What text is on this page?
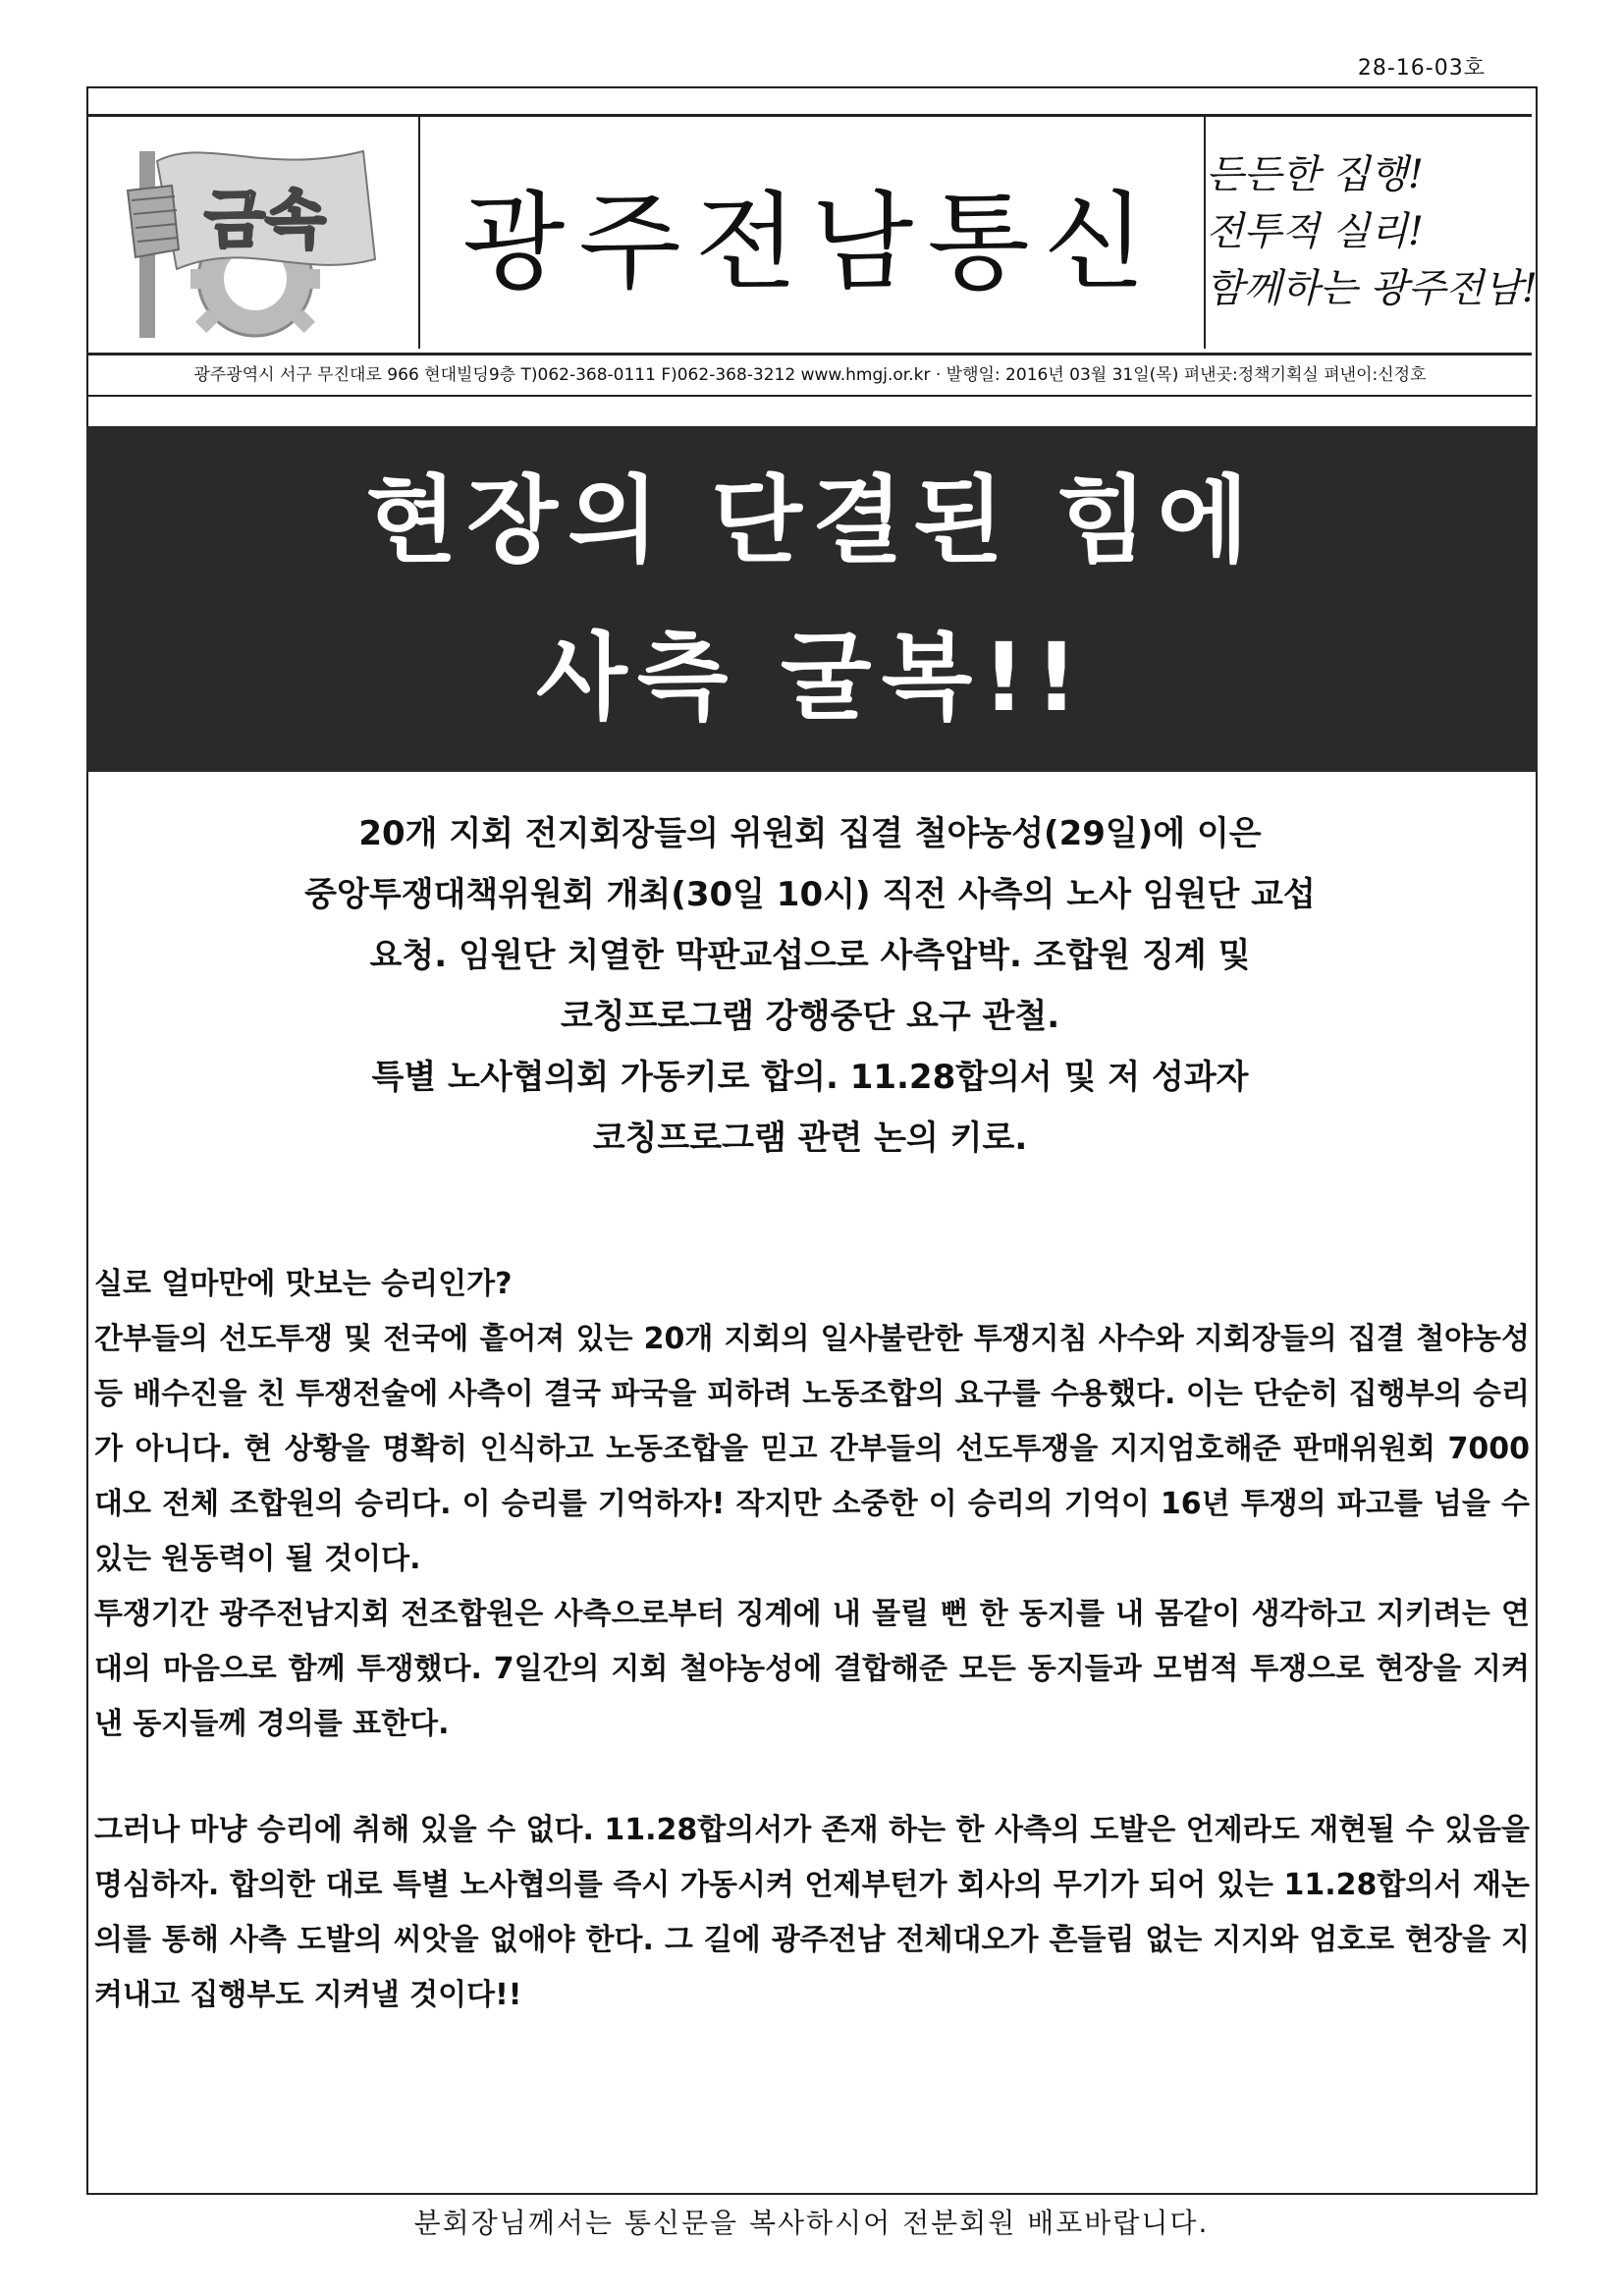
28-16-03호
금속 광주전남통신
든든한 집행!
전투적 실리!
함께하는 광주전남!
광주광역시 서구 무진대로 966 현대빌딩9층 T)062-368-0111 F)062-368-3212 www.hmgj.or.kr · 발행일: 2016년 03월 31일(목) 펴낸곳:정책기획실 펴낸이:신정호
현장의 단결된 힘에
사측 굴복!!
20개 지회 전지회장들의 위원회 집결 철야농성(29일)에 이은
중앙투쟁대책위원회 개최(30일 10시) 직전 사측의 노사 임원단 교섭
요청. 임원단 치열한 막판교섭으로 사측압박. 조합원 징계 및
코칭프로그램 강행중단 요구 관철.
특별 노사협의회 가동키로 합의. 11.28합의서 및 저 성과자
코칭프로그램 관련 논의 키로.

실로 얼마만에 맛보는 승리인가?

간부들의 선도투쟁 및 전국에 흩어져 있는 20개 지회의 일사불란한 투쟁지침 사수와 지회장들의 집결 철야농성 등 배수진을 친 투쟁전술에 사측이 결국 파국을 피하려 노동조합의 요구를 수용했다. 이는 단순히 집행부의 승리가 아니다. 현 상황을 명확히 인식하고 노동조합을 믿고 간부들의 선도투쟁을 지지엄호해준 판매위원회 7000대오 전체 조합원의 승리다. 이 승리를 기억하자! 작지만 소중한 이 승리의 기억이 16년 투쟁의 파고를 넘을 수 있는 원동력이 될 것이다.

투쟁기간 광주전남지회 전조합원은 사측으로부터 징계에 내 몰릴 뻔 한 동지를 내 몸같이 생각하고 지키려는 연대의 마음으로 함께 투쟁했다. 7일간의 지회 철야농성에 결합해준 모든 동지들과 모범적 투쟁으로 현장을 지켜낸 동지들께 경의를 표한다.

그러나 마냥 승리에 취해 있을 수 없다. 11.28합의서가 존재 하는 한 사측의 도발은 언제라도 재현될 수 있음을 명심하자. 합의한 대로 특별 노사협의를 즉시 가동시켜 언제부턴가 회사의 무기가 되어 있는 11.28합의서 재논의를 통해 사측 도발의 씨앗을 없애야 한다. 그 길에 광주전남 전체대오가 흔들림 없는 지지와 엄호로 현장을 지켜내고 집행부도 지켜낼 것이다!!

분회장님께서는 통신문을 복사하시어 전분회원 배포바랍니다.
